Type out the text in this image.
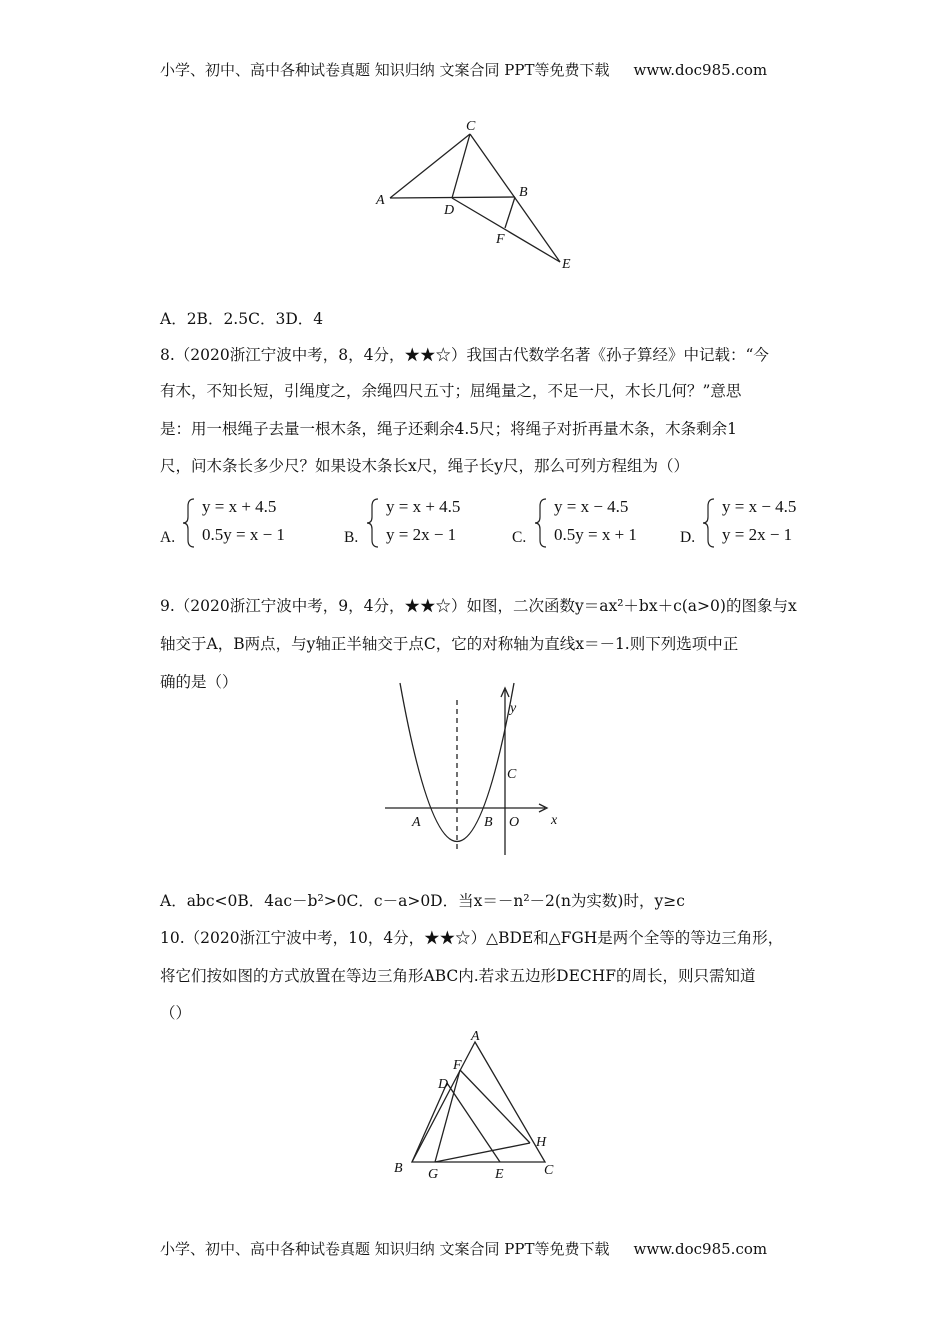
小学、初中、高中各种试卷真题 知识归纳 文案合同 PPT等免费下载 www.doc985.com
C
A
D
B
F
E
A．2B．2.5C．3D．4
8.（2020浙江宁波中考，8，4分，★★☆）我国古代数学名著《孙子算经》中记载：“今
有木，不知长短，引绳度之，余绳四尺五寸；屈绳量之，不足一尺，木长几何？”意思
是：用一根绳子去量一根木条，绳子还剩余4.5尺；将绳子对折再量木条，木条剩余1
尺，问木条长多少尺？如果设木条长x尺，绳子长y尺，那么可列方程组为（）
A.
y = x + 4.5
0.5y = x − 1	B.
y = x + 4.5
y = 2x − 1	C.
y = x − 4.5
0.5y = x + 1	D.
y = x − 4.5
y = 2x − 1
9.（2020浙江宁波中考，9，4分，★★☆）如图，二次函数y＝ax²＋bx＋c(a>0)的图象与x
轴交于A，B两点，与y轴正半轴交于点C，它的对称轴为直线x＝－1.则下列选项中正
确的是（）
y
x
A	B O
C
A．abc<0B．4ac－b²>0C．c－a>0D．当x＝－n²－2(n为实数)时，y≥c
10.（2020浙江宁波中考，10，4分，★★☆）△BDE和△FGH是两个全等的等边三角形，
将它们按如图的方式放置在等边三角形ABC内.若求五边形DECHF的周长，则只需知道
（）
A
B	C
D
F
G	E
H
小学、初中、高中各种试卷真题 知识归纳 文案合同 PPT等免费下载 www.doc985.com
